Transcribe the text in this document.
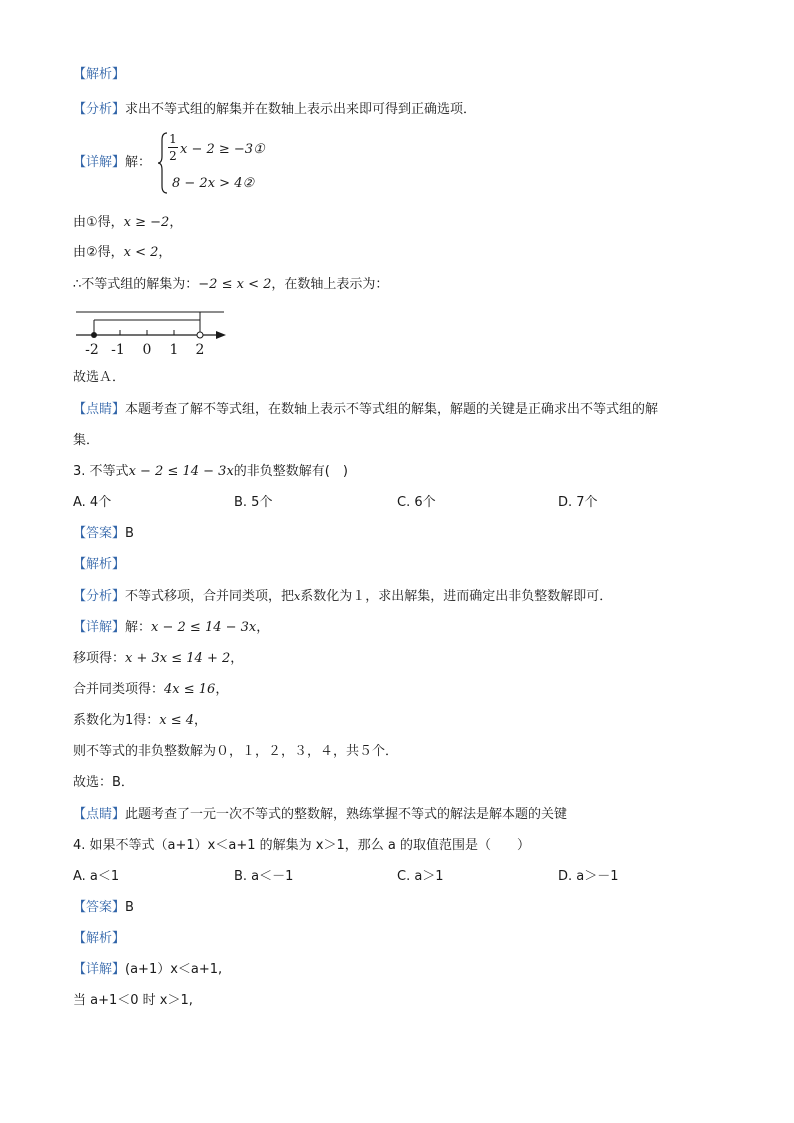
【解析】
【分析】求出不等式组的解集并在数轴上表示出来即可得到正确选项．
【详解】解：
1
2 x − 2 ≥ −3①
8 − 2x > 4②
由①得，x ≥ −2，
由②得，x < 2，
∴不等式组的解集为：−2 ≤ x < 2，在数轴上表示为：
-2 -1 0 1 2
故选Ａ．
【点睛】本题考查了解不等式组，在数轴上表示不等式组的解集，解题的关键是正确求出不等式组的解
集．
3. 不等式x − 2 ≤ 14 − 3x的非负整数解有(　)
A. 4个	B. 5个	C. 6个	D. 7个
【答案】B
【解析】
【分析】不等式移项，合并同类项，把x系数化为１，求出解集，进而确定出非负整数解即可．
【详解】解：x − 2 ≤ 14 − 3x，
移项得：x + 3x ≤ 14 + 2，
合并同类项得：4x ≤ 16，
系数化为1得：x ≤ 4，
则不等式的非负整数解为０，１，２，３，４，共５个．
故选：B．
【点睛】此题考查了一元一次不等式的整数解，熟练掌握不等式的解法是解本题的关键
4. 如果不等式（a+1）x＜a+1 的解集为 x＞1，那么 a 的取值范围是（　　）
A. a＜1	B. a＜－1	C. a＞1	D. a＞－1
【答案】B
【解析】
【详解】(a+1）x＜a+1,
当 a+1＜0 时 x＞1,
